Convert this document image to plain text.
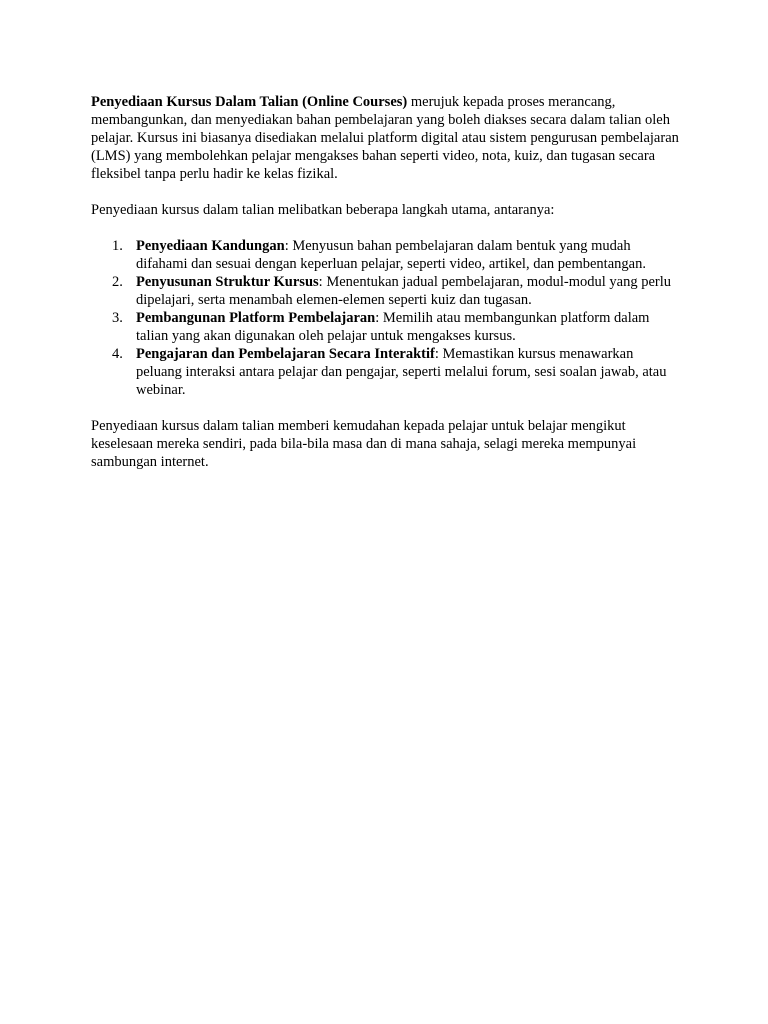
Penyediaan Kursus Dalam Talian (Online Courses) merujuk kepada proses merancang, membangunkan, dan menyediakan bahan pembelajaran yang boleh diakses secara dalam talian oleh pelajar. Kursus ini biasanya disediakan melalui platform digital atau sistem pengurusan pembelajaran (LMS) yang membolehkan pelajar mengakses bahan seperti video, nota, kuiz, dan tugasan secara fleksibel tanpa perlu hadir ke kelas fizikal.

Penyediaan kursus dalam talian melibatkan beberapa langkah utama, antaranya:

1. Penyediaan Kandungan: Menyusun bahan pembelajaran dalam bentuk yang mudah difahami dan sesuai dengan keperluan pelajar, seperti video, artikel, dan pembentangan.
2. Penyusunan Struktur Kursus: Menentukan jadual pembelajaran, modul-modul yang perlu dipelajari, serta menambah elemen-elemen seperti kuiz dan tugasan.
3. Pembangunan Platform Pembelajaran: Memilih atau membangunkan platform dalam talian yang akan digunakan oleh pelajar untuk mengakses kursus.
4. Pengajaran dan Pembelajaran Secara Interaktif: Memastikan kursus menawarkan peluang interaksi antara pelajar dan pengajar, seperti melalui forum, sesi soalan jawab, atau webinar.

Penyediaan kursus dalam talian memberi kemudahan kepada pelajar untuk belajar mengikut keselesaan mereka sendiri, pada bila-bila masa dan di mana sahaja, selagi mereka mempunyai sambungan internet.
